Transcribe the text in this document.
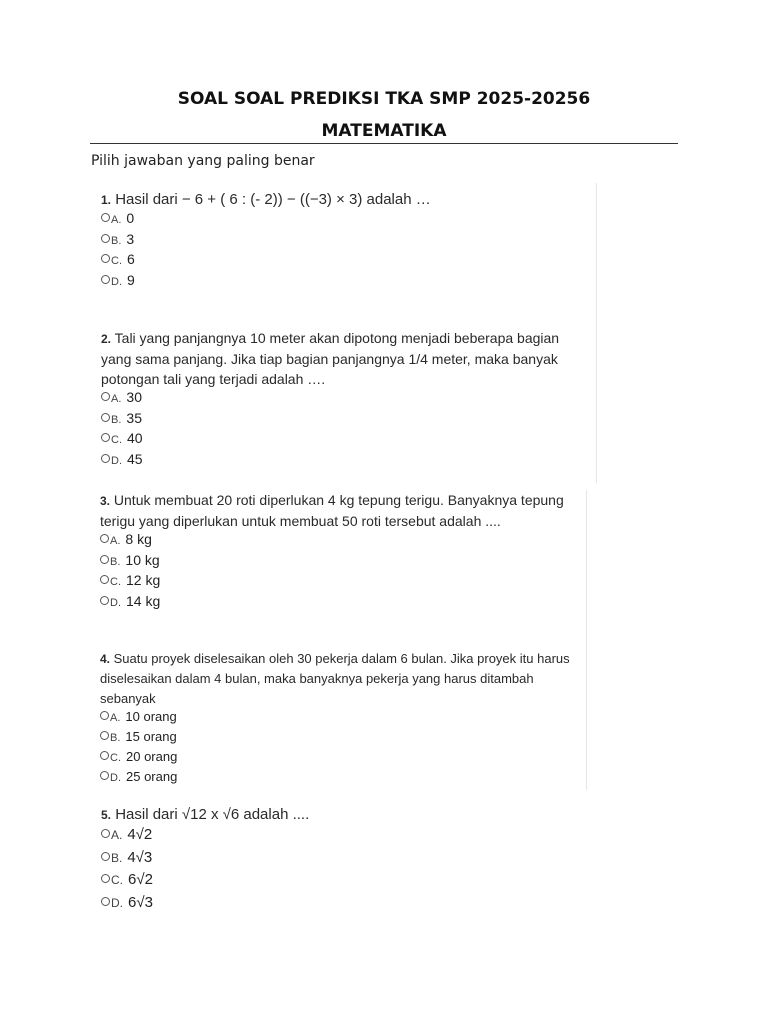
SOAL SOAL PREDIKSI TKA SMP 2025-20256
MATEMATIKA
Pilih jawaban yang paling benar
1. Hasil dari − 6 + ( 6 : (- 2)) − ((−3) × 3) adalah …
A. 0
B. 3
C. 6
D. 9
2. Tali yang panjangnya 10 meter akan dipotong menjadi beberapa bagian yang sama panjang. Jika tiap bagian panjangnya 1/4 meter, maka banyak potongan tali yang terjadi adalah ….
A. 30
B. 35
C. 40
D. 45
3. Untuk membuat 20 roti diperlukan 4 kg tepung terigu. Banyaknya tepung terigu yang diperlukan untuk membuat 50 roti tersebut adalah ....
A. 8 kg
B. 10 kg
C. 12 kg
D. 14 kg
4. Suatu proyek diselesaikan oleh 30 pekerja dalam 6 bulan. Jika proyek itu harus diselesaikan dalam 4 bulan, maka banyaknya pekerja yang harus ditambah sebanyak
A. 10 orang
B. 15 orang
C. 20 orang
D. 25 orang
5. Hasil dari √12 x √6 adalah ....
A. 4√2
B. 4√3
C. 6√2
D. 6√3
